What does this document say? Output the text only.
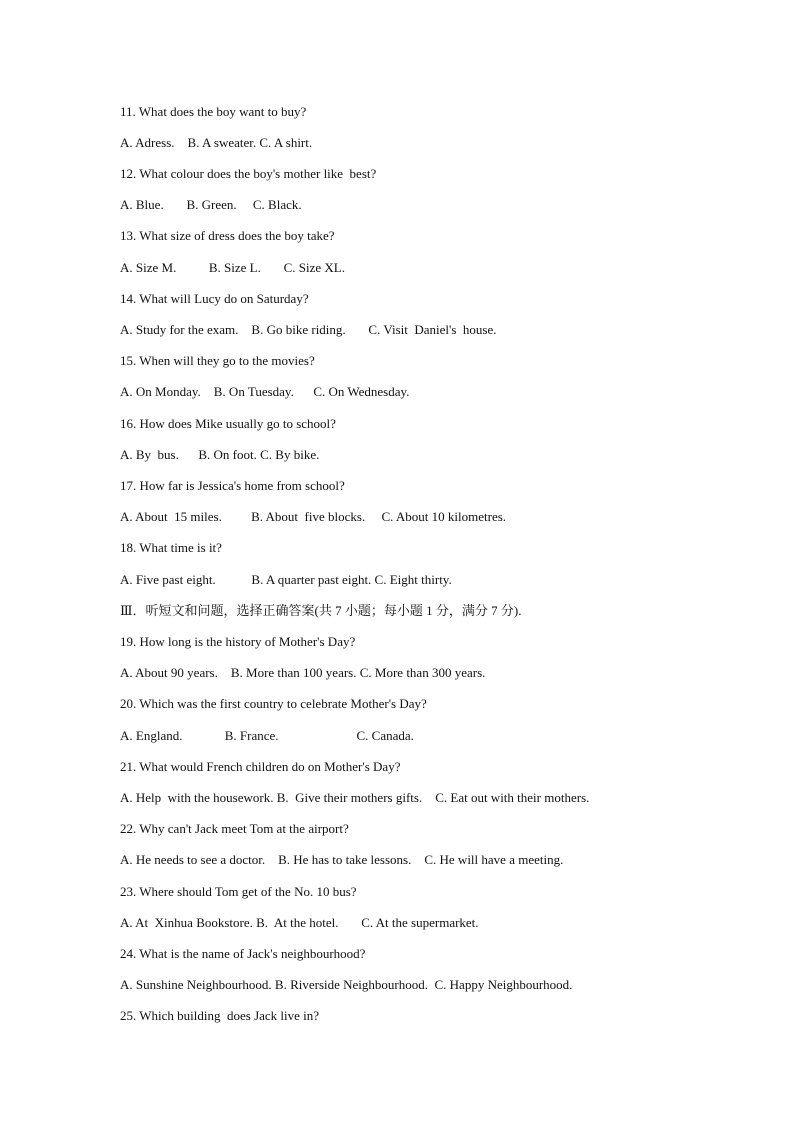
11. What does the boy want to buy?
A. Adress.    B. A sweater. C. A shirt.
12. What colour does the boy's mother like  best?
A. Blue.       B. Green.     C. Black.
13. What size of dress does the boy take?
A. Size M.          B. Size L.       C. Size XL.
14. What will Lucy do on Saturday?
A. Study for the exam.    B. Go bike riding.       C. Visit  Daniel's  house.
15. When will they go to the movies?
A. On Monday.    B. On Tuesday.      C. On Wednesday.
16. How does Mike usually go to school?
A. By  bus.      B. On foot. C. By bike.
17. How far is Jessica's home from school?
A. About  15 miles.         B. About  five blocks.     C. About 10 kilometres.
18. What time is it?
A. Five past eight.           B. A quarter past eight. C. Eight thirty.
Ⅲ．听短文和问题，选择正确答案(共 7 小题；每小题 1 分，满分 7 分).
19. How long is the history of Mother's Day?
A. About 90 years.    B. More than 100 years. C. More than 300 years.
20. Which was the first country to celebrate Mother's Day?
A. England.             B. France.                        C. Canada.
21. What would French children do on Mother's Day?
A. Help  with the housework. B.  Give their mothers gifts.    C. Eat out with their mothers.
22. Why can't Jack meet Tom at the airport?
A. He needs to see a doctor.    B. He has to take lessons.    C. He will have a meeting.
23. Where should Tom get of the No. 10 bus?
A. At  Xinhua Bookstore. B.  At the hotel.       C. At the supermarket.
24. What is the name of Jack's neighbourhood?
A. Sunshine Neighbourhood. B. Riverside Neighbourhood.  C. Happy Neighbourhood.
25. Which building  does Jack live in?
